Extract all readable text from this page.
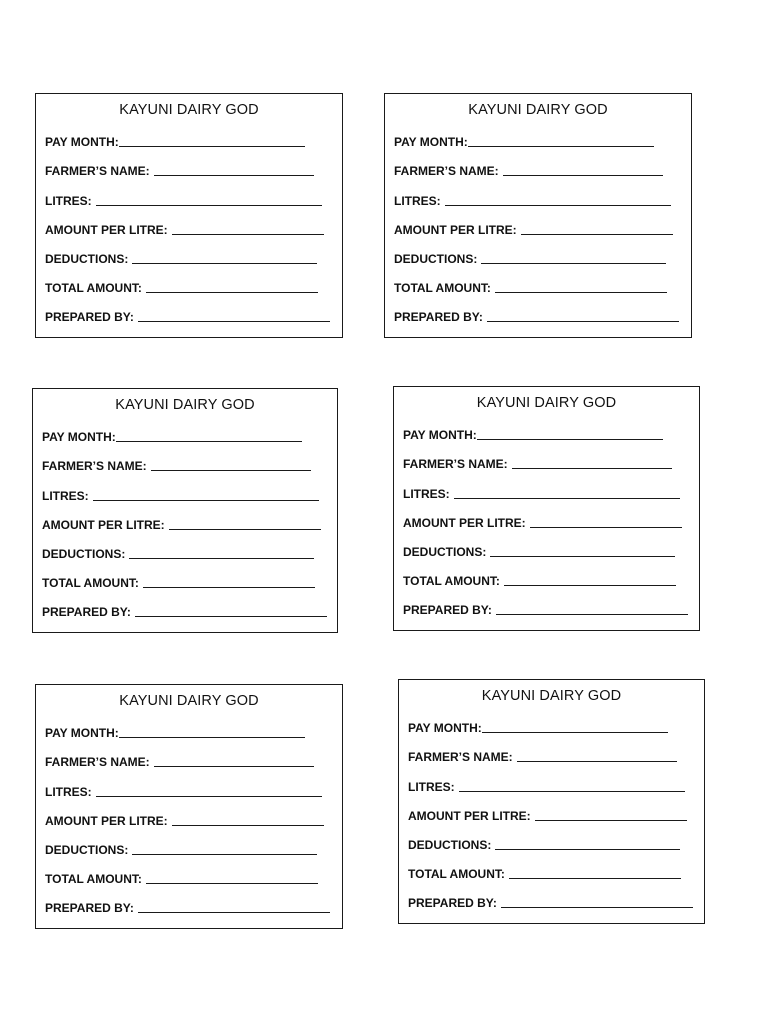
KAYUNI DAIRY GOD
PAY MONTH:
FARMER’S NAME:
LITRES:
AMOUNT PER LITRE:
DEDUCTIONS:
TOTAL AMOUNT:
PREPARED BY:
KAYUNI DAIRY GOD
PAY MONTH:
FARMER’S NAME:
LITRES:
AMOUNT PER LITRE:
DEDUCTIONS:
TOTAL AMOUNT:
PREPARED BY:
KAYUNI DAIRY GOD
PAY MONTH:
FARMER’S NAME:
LITRES:
AMOUNT PER LITRE:
DEDUCTIONS:
TOTAL AMOUNT:
PREPARED BY:
KAYUNI DAIRY GOD
PAY MONTH:
FARMER’S NAME:
LITRES:
AMOUNT PER LITRE:
DEDUCTIONS:
TOTAL AMOUNT:
PREPARED BY:
KAYUNI DAIRY GOD
PAY MONTH:
FARMER’S NAME:
LITRES:
AMOUNT PER LITRE:
DEDUCTIONS:
TOTAL AMOUNT:
PREPARED BY:
KAYUNI DAIRY GOD
PAY MONTH:
FARMER’S NAME:
LITRES:
AMOUNT PER LITRE:
DEDUCTIONS:
TOTAL AMOUNT:
PREPARED BY:
